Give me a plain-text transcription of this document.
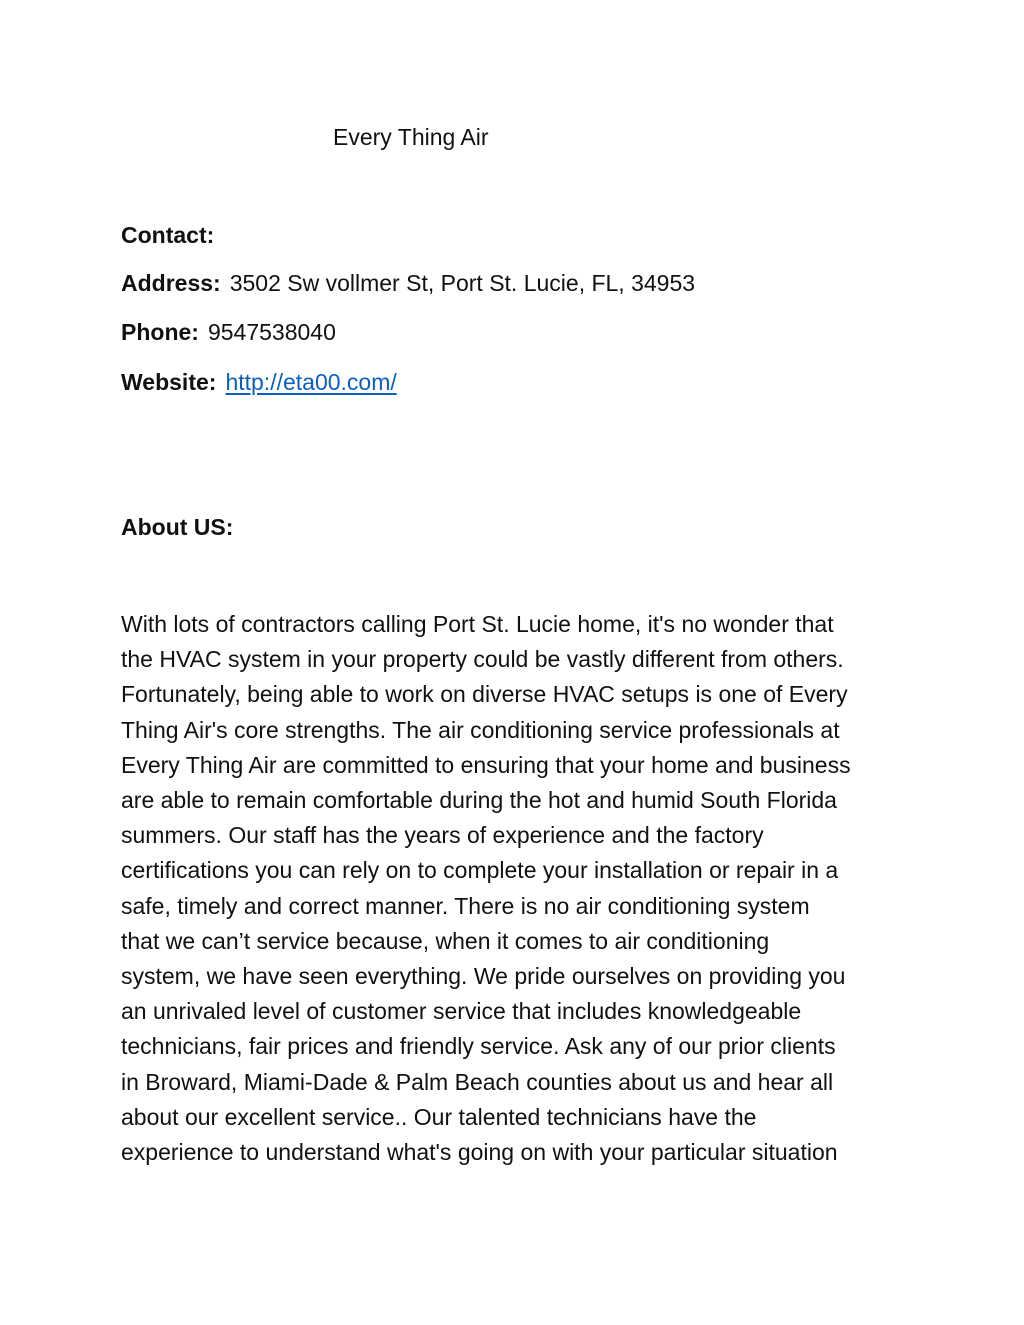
Every Thing Air
Contact:
Address: 3502 Sw vollmer St, Port St. Lucie, FL, 34953
Phone: 9547538040
Website: http://eta00.com/
About US:
With lots of contractors calling Port St. Lucie home, it's no wonder that
the HVAC system in your property could be vastly different from others.
Fortunately, being able to work on diverse HVAC setups is one of Every
Thing Air's core strengths. The air conditioning service professionals at
Every Thing Air are committed to ensuring that your home and business
are able to remain comfortable during the hot and humid South Florida
summers. Our staff has the years of experience and the factory
certifications you can rely on to complete your installation or repair in a
safe, timely and correct manner. There is no air conditioning system
that we can’t service because, when it comes to air conditioning
system, we have seen everything. We pride ourselves on providing you
an unrivaled level of customer service that includes knowledgeable
technicians, fair prices and friendly service. Ask any of our prior clients
in Broward, Miami-Dade & Palm Beach counties about us and hear all
about our excellent service.. Our talented technicians have the
experience to understand what's going on with your particular situation
